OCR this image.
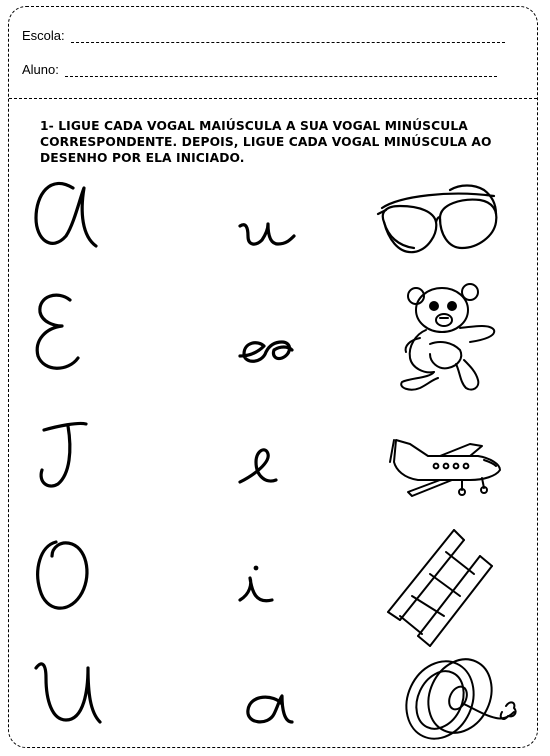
Escola:
Aluno:
1- LIGUE CADA VOGAL MAIÚSCULA A SUA VOGAL MINÚSCULA
CORRESPONDENTE. DEPOIS, LIGUE CADA VOGAL MINÚSCULA AO
DESENHO POR ELA INICIADO.
